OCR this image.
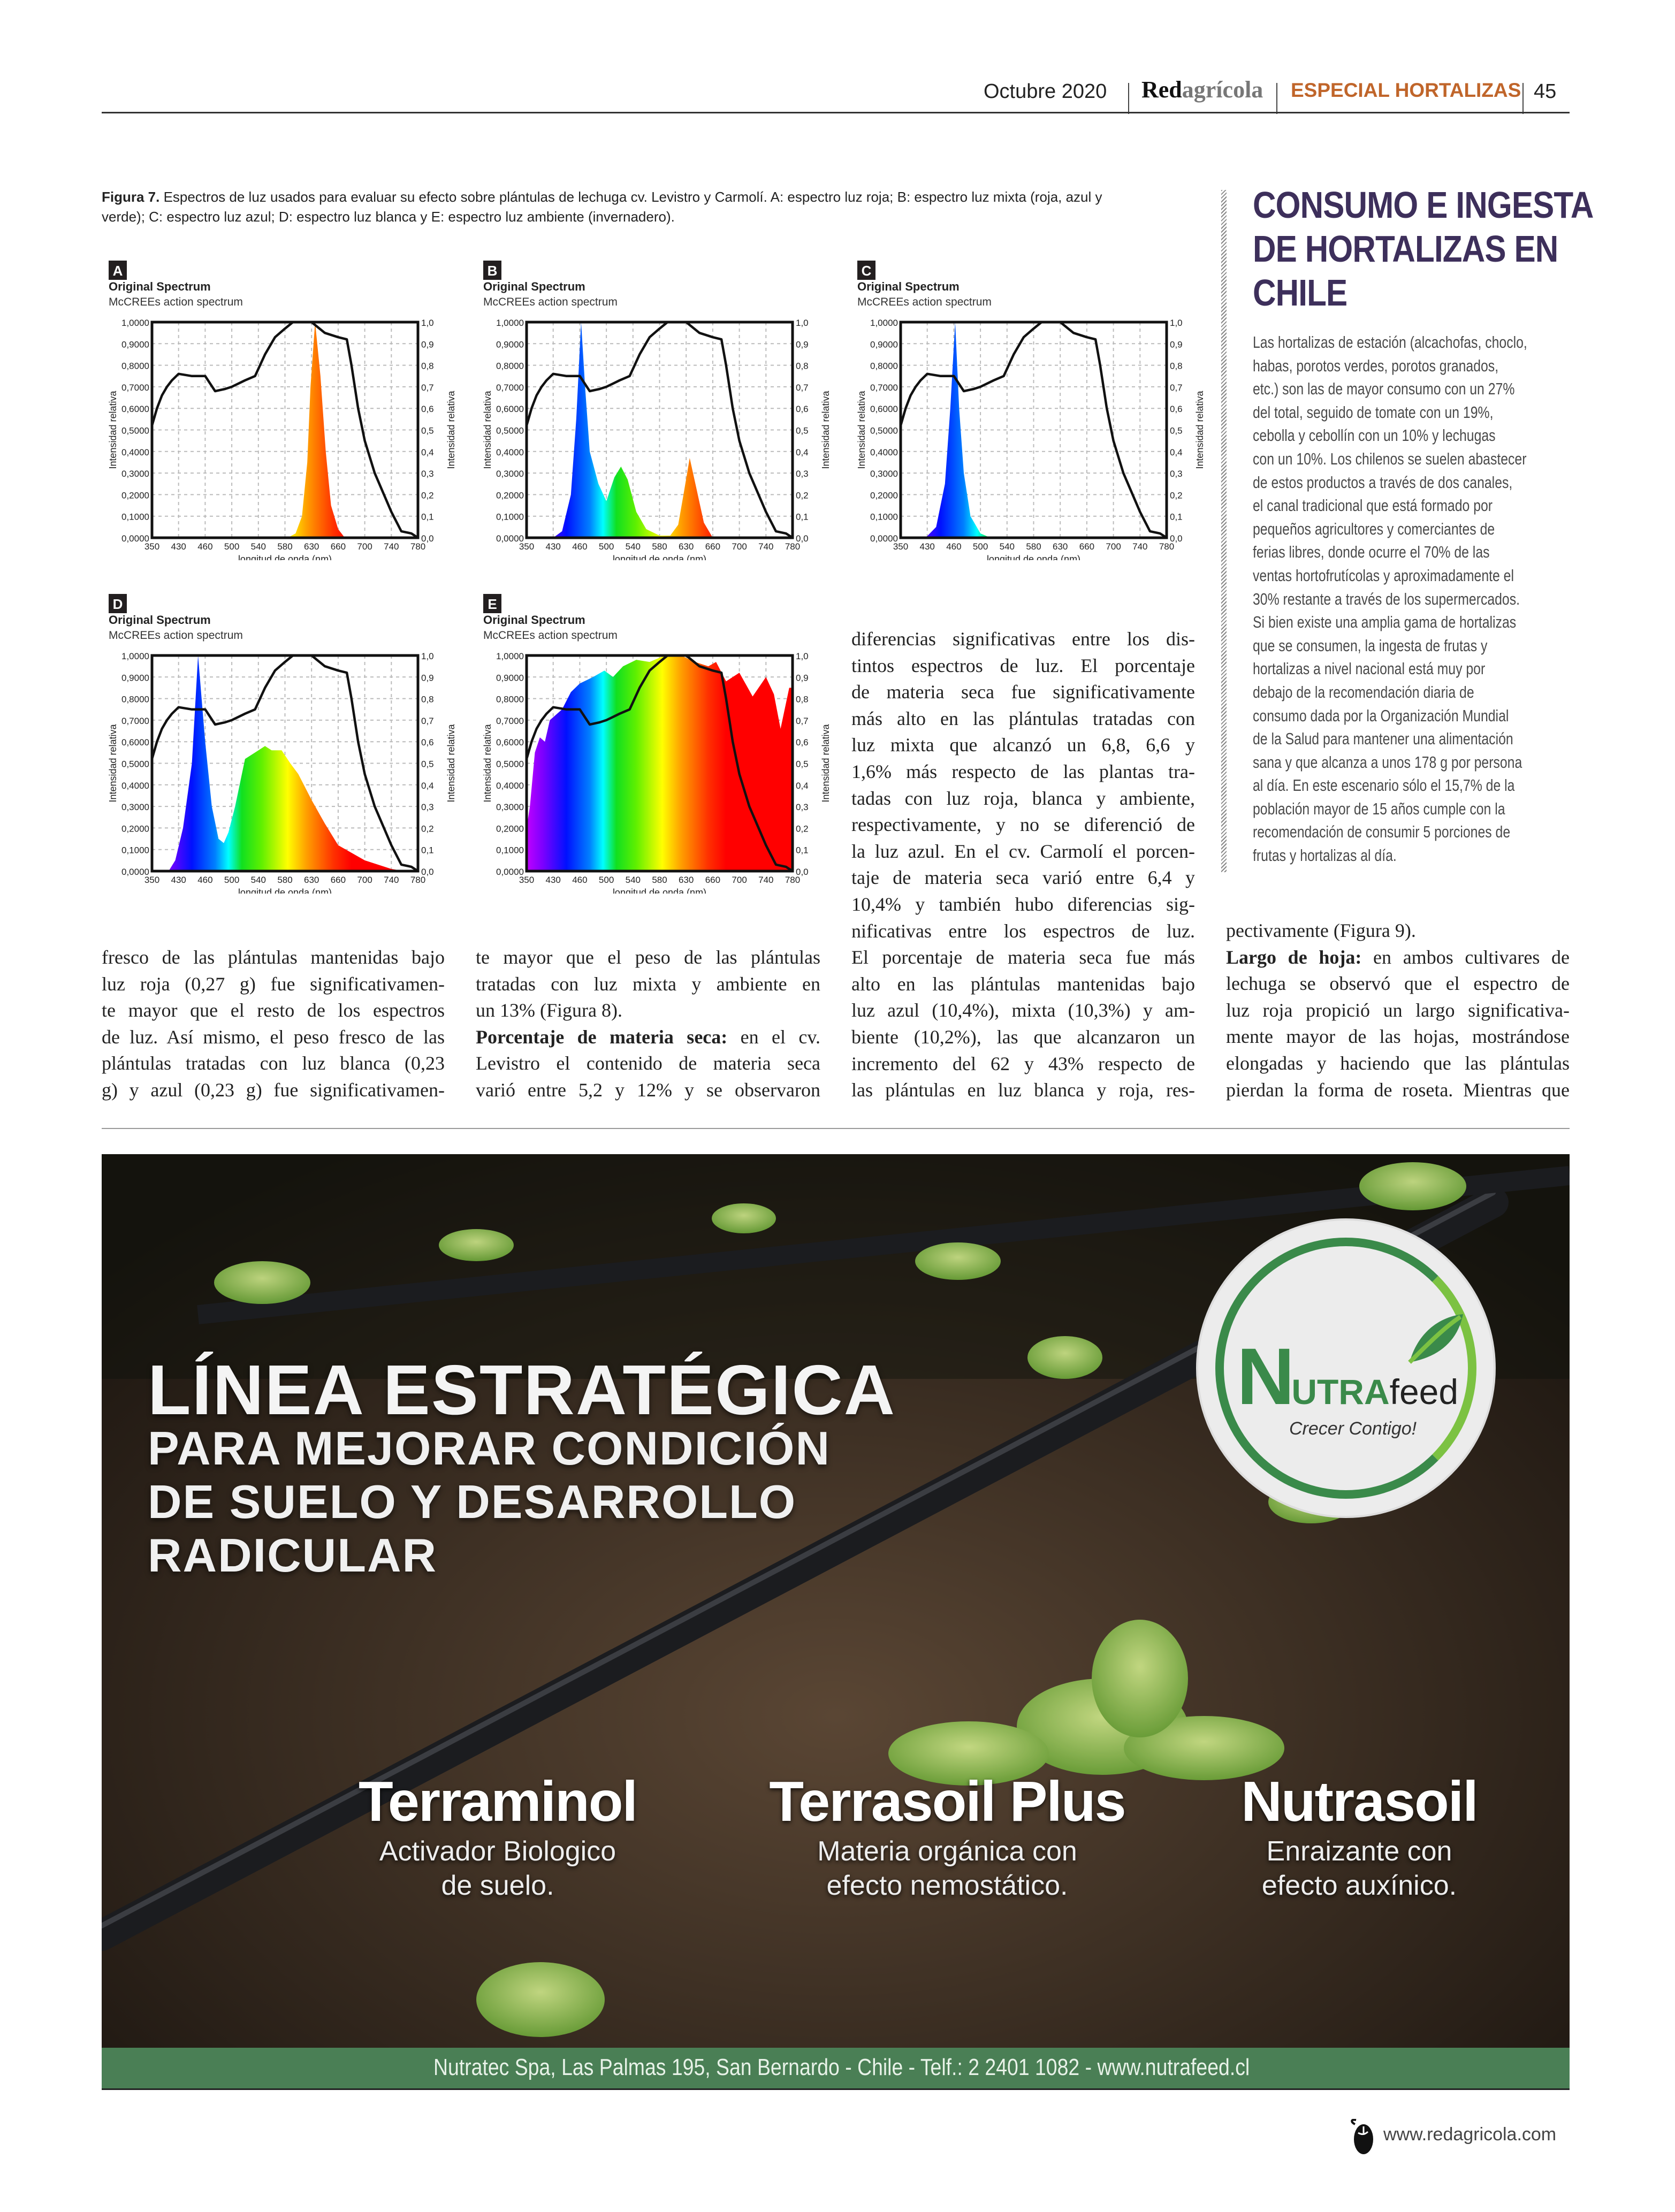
Octubre 2020 Redagrícola ESPECIAL HORTALIZAS 45
Figura 7. Espectros de luz usados para evaluar su efecto sobre plántulas de lechuga cv. Levistro y Carmolí. A: espectro luz roja; B: espectro luz mixta (roja, azul y verde); C: espectro luz azul; D: espectro luz blanca y E: espectro luz ambiente (invernadero).
A
Original Spectrum
McCREEs action spectrum
0,0000
0,1000
0,2000
0,3000
0,4000
0,5000
0,6000
0,7000
0,8000
0,9000
1,0000
0,0
0,1
0,2
0,3
0,4
0,5
0,6
0,7
0,8
0,9
1,0
350 430 460 500 540 580 630 660 700 740 780
longitud de onda (nm)
Intensidad relativa	Intensidad relativa
B
Original Spectrum
McCREEs action spectrum
0,0000
0,1000
0,2000
0,3000
0,4000
0,5000
0,6000
0,7000
0,8000
0,9000
1,0000
0,0
0,1
0,2
0,3
0,4
0,5
0,6
0,7
0,8
0,9
1,0
350 430 460 500 540 580 630 660 700 740 780
longitud de onda (nm)
Intensidad relativa	Intensidad relativa
C
Original Spectrum
McCREEs action spectrum
0,0000
0,1000
0,2000
0,3000
0,4000
0,5000
0,6000
0,7000
0,8000
0,9000
1,0000
0,0
0,1
0,2
0,3
0,4
0,5
0,6
0,7
0,8
0,9
1,0
350 430 460 500 540 580 630 660 700 740 780
longitud de onda (nm)
Intensidad relativa	Intensidad relativa
D
Original Spectrum
McCREEs action spectrum
0,0000
0,1000
0,2000
0,3000
0,4000
0,5000
0,6000
0,7000
0,8000
0,9000
1,0000
0,0
0,1
0,2
0,3
0,4
0,5
0,6
0,7
0,8
0,9
1,0
350 430 460 500 540 580 630 660 700 740 780
longitud de onda (nm)
Intensidad relativa	Intensidad relativa
E
Original Spectrum
McCREEs action spectrum
0,0000
0,1000
0,2000
0,3000
0,4000
0,5000
0,6000
0,7000
0,8000
0,9000
1,0000
0,0
0,1
0,2
0,3
0,4
0,5
0,6
0,7
0,8
0,9
1,0
350 430 460 500 540 580 630 660 700 740 780
longitud de onda (nm)
Intensidad relativa	Intensidad relativa
CONSUMO E INGESTA
DE HORTALIZAS EN
CHILE
Las hortalizas de estación (alcachofas, choclo,
habas, porotos verdes, porotos granados,
etc.) son las de mayor consumo con un 27%
del total, seguido de tomate con un 19%,
cebolla y cebollín con un 10% y lechugas
con un 10%. Los chilenos se suelen abastecer
de estos productos a través de dos canales,
el canal tradicional que está formado por
pequeños agricultores y comerciantes de
ferias libres, donde ocurre el 70% de las
ventas hortofrutícolas y aproximadamente el
30% restante a través de los supermercados.
Si bien existe una amplia gama de hortalizas
que se consumen, la ingesta de frutas y
hortalizas a nivel nacional está muy por
debajo de la recomendación diaria de
consumo dada por la Organización Mundial
de la Salud para mantener una alimentación
sana y que alcanza a unos 178 g por persona
al día. En este escenario sólo el 15,7% de la
población mayor de 15 años cumple con la
recomendación de consumir 5 porciones de
frutas y hortalizas al día.
diferencias significativas entre los dis-
tintos espectros de luz. El porcentaje
de materia seca fue significativamente
más alto en las plántulas tratadas con
luz mixta que alcanzó un 6,8, 6,6 y
1,6% más respecto de las plantas tra-
tadas con luz roja, blanca y ambiente,
respectivamente, y no se diferenció de
la luz azul. En el cv. Carmolí el porcen-
taje de materia seca varió entre 6,4 y
10,4% y también hubo diferencias sig-
nificativas entre los espectros de luz.
El porcentaje de materia seca fue más
alto en las plántulas mantenidas bajo
luz azul (10,4%), mixta (10,3%) y am-
biente (10,2%), las que alcanzaron un
incremento del 62 y 43% respecto de
las plántulas en luz blanca y roja, res-
fresco de las plántulas mantenidas bajo
luz roja (0,27 g) fue significativamen-
te mayor que el resto de los espectros
de luz. Así mismo, el peso fresco de las
plántulas tratadas con luz blanca (0,23
g) y azul (0,23 g) fue significativamen-
te mayor que el peso de las plántulas
tratadas con luz mixta y ambiente en
un 13% (Figura 8).
Porcentaje de materia seca: en el cv.
Levistro el contenido de materia seca
varió entre 5,2 y 12% y se observaron
pectivamente (Figura 9).
Largo de hoja: en ambos cultivares de
lechuga se observó que el espectro de
luz roja propició un largo significativa-
mente mayor de las hojas, mostrándose
elongadas y haciendo que las plántulas
pierdan la forma de roseta. Mientras que
LÍNEA ESTRATÉGICA
PARA MEJORAR CONDICIÓN
DE SUELO Y DESARROLLO
RADICULAR
NUTRAfeed
Crecer Contigo!
Terraminol
Activador Biologico
de suelo.
Terrasoil Plus
Materia orgánica con
efecto nemostático.
Nutrasoil
Enraizante con
efecto auxínico.
Nutratec Spa, Las Palmas 195, San Bernardo - Chile - Telf.: 2 2401 1082 - www.nutrafeed.cl
www.redagricola.com
